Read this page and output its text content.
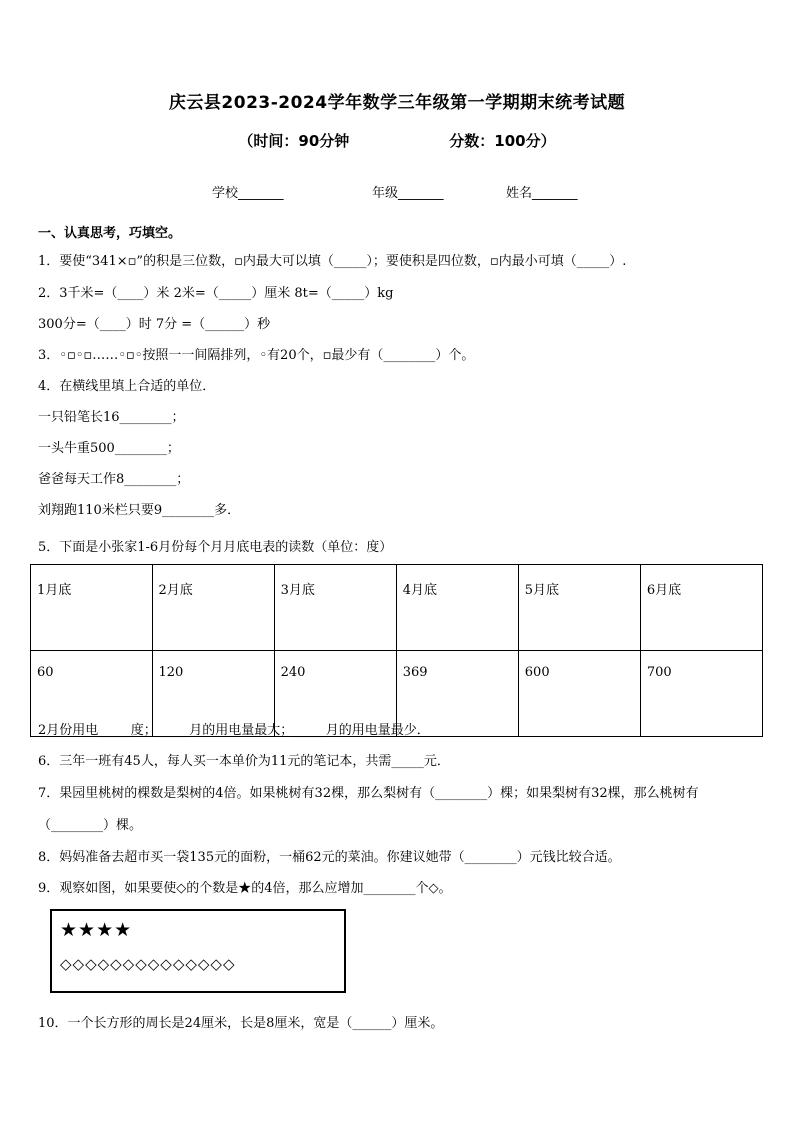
庆云县2023-2024学年数学三年级第一学期期末统考试题
（时间：90分钟	分数：100分）
学校_______	年级_______	姓名_______
一、认真思考，巧填空。
1．要使“341×▫”的积是三位数，▫内最大可以填（_____）；要使积是四位数，▫内最小可填（_____）.
2．3千米=（____）米 2米=（_____）厘米 8t=（_____）kg
300分=（____）时 7分 =（______）秒
3．◦▫◦▫……◦▫◦按照一一间隔排列，◦有20个，▫最少有（________）个。
4．在横线里填上合适的单位．
一只铅笔长16________；
一头牛重500________；
爸爸每天工作8________；
刘翔跑110米栏只要9________多．
5．下面是小张家1-6月份每个月月底电表的读数（单位：度）
1月底	2月底	3月底	4月底	5月底	6月底
60	120	240	369	600	700
2月份用电_____度；_____月的用电量最大；_____月的用电量最少．
6．三年一班有45人，每人买一本单价为11元的笔记本，共需_____元．
7．果园里桃树的棵数是梨树的4倍。如果桃树有32棵，那么梨树有（________）棵；如果梨树有32棵，那么桃树有
（________）棵。
8．妈妈准备去超市买一袋135元的面粉，一桶62元的菜油。你建议她带（________）元钱比较合适。
9．观察如图，如果要使◇的个数是★的4倍，那么应增加________个◇。
★★★★
◇◇◇◇◇◇◇◇◇◇◇◇◇◇
10．一个长方形的周长是24厘米，长是8厘米，宽是（______）厘米。
